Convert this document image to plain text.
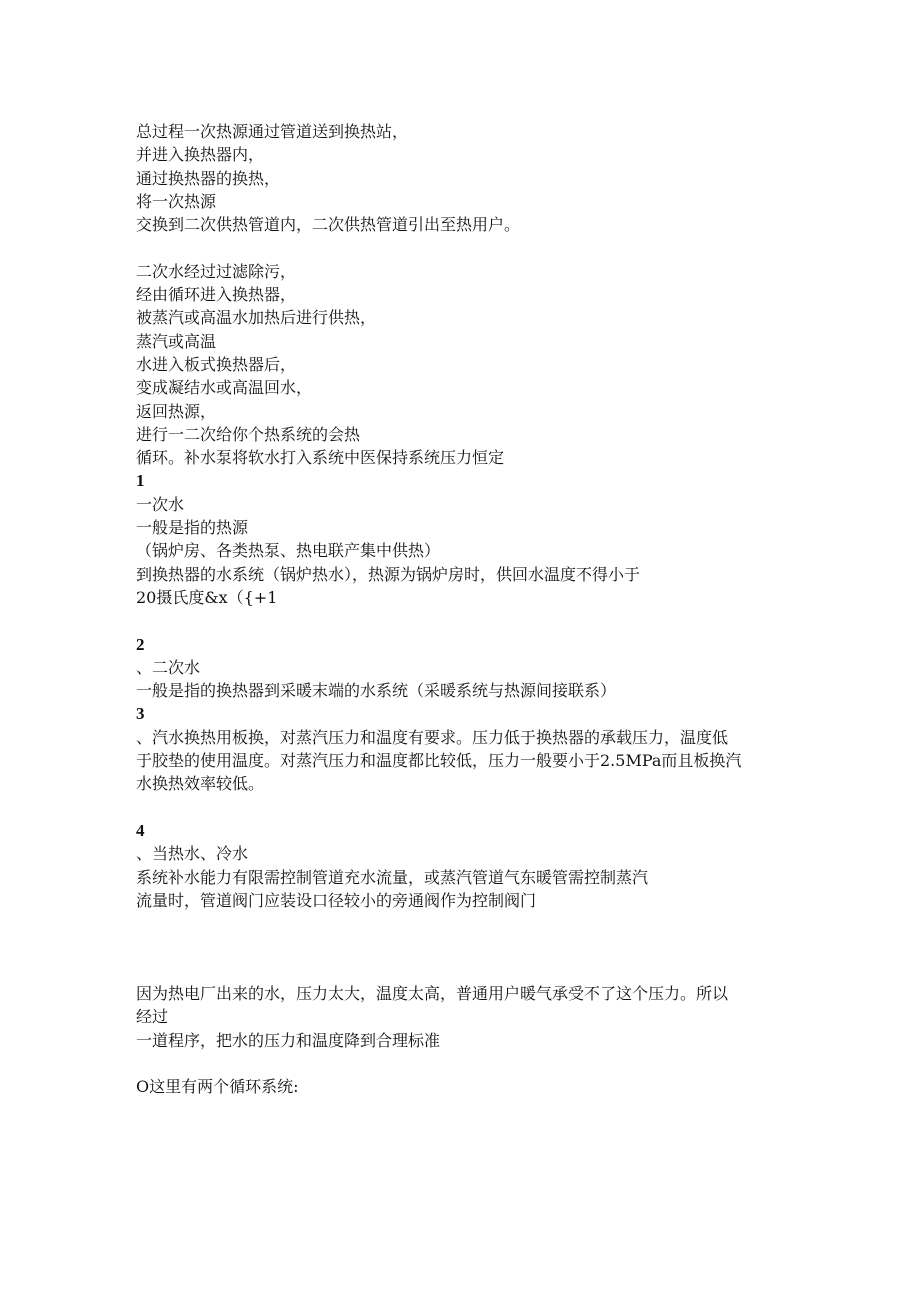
总过程一次热源通过管道送到换热站，
并进入换热器内，
通过换热器的换热，
将一次热源
交换到二次供热管道内，二次供热管道引出至热用户。
二次水经过过滤除污，
经由循环进入换热器，
被蒸汽或高温水加热后进行供热，
蒸汽或高温
水进入板式换热器后，
变成凝结水或高温回水，
返回热源，
进行一二次给你个热系统的会热
循环。补水泵将软水打入系统中医保持系统压力恒定
1
一次水
一般是指的热源
（锅炉房、各类热泵、热电联产集中供热）
到换热器的水系统（锅炉热水），热源为锅炉房时，供回水温度不得小于
20摄氏度&x（{+1
2
、二次水
一般是指的换热器到采暖末端的水系统（采暖系统与热源间接联系）
3
、汽水换热用板换，对蒸汽压力和温度有要求。压力低于换热器的承载压力，温度低
于胶垫的使用温度。对蒸汽压力和温度都比较低，压力一般要小于2.5MPa而且板换汽
水换热效率较低。
4
、当热水、冷水
系统补水能力有限需控制管道充水流量，或蒸汽管道气东暖管需控制蒸汽
流量时，管道阀门应装设口径较小的旁通阀作为控制阀门
因为热电厂出来的水，压力太大，温度太高，普通用户暖气承受不了这个压力。所以
经过
一道程序，把水的压力和温度降到合理标准
O这里有两个循环系统:
